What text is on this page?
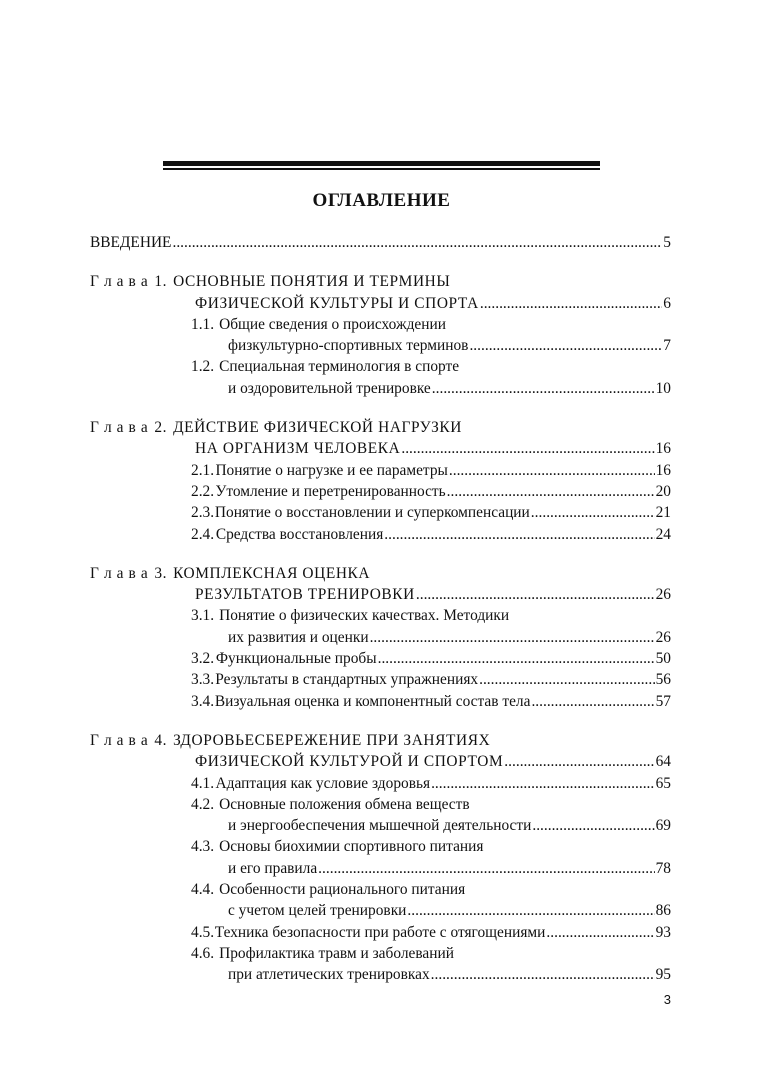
ОГЛАВЛЕНИЕ
ВВЕДЕНИЕ .....	5
Г л а в а 1. ОСНОВНЫЕ ПОНЯТИЯ И ТЕРМИНЫ
ФИЗИЧЕСКОЙ КУЛЬТУРЫ И СПОРТА .....	6
1.1. Общие сведения о происхождении
физкультурно-спортивных терминов .....	7
1.2. Специальная терминология в спорте
и оздоровительной тренировке .....	10
Г л а в а 2. ДЕЙСТВИЕ ФИЗИЧЕСКОЙ НАГРУЗКИ
НА ОРГАНИЗМ ЧЕЛОВЕКА .....	16
2.1. Понятие о нагрузке и ее параметры .....	16
2.2. Утомление и перетренированность .....	20
2.3. Понятие о восстановлении и суперкомпенсации .....	21
2.4. Средства восстановления .....	24
Г л а в а 3. КОМПЛЕКСНАЯ ОЦЕНКА
РЕЗУЛЬТАТОВ ТРЕНИРОВКИ .....	26
3.1. Понятие о физических качествах. Методики
их развития и оценки .....	26
3.2. Функциональные пробы .....	50
3.3. Результаты в стандартных упражнениях .....	56
3.4. Визуальная оценка и компонентный состав тела .....	57
Г л а в а 4. ЗДОРОВЬЕСБЕРЕЖЕНИЕ ПРИ ЗАНЯТИЯХ
ФИЗИЧЕСКОЙ КУЛЬТУРОЙ И СПОРТОМ .....	64
4.1. Адаптация как условие здоровья .....	65
4.2. Основные положения обмена веществ
и энергообеспечения мышечной деятельности .....	69
4.3. Основы биохимии спортивного питания
и его правила .....	78
4.4. Особенности рационального питания
с учетом целей тренировки .....	86
4.5. Техника безопасности при работе с отягощениями .....	93
4.6. Профилактика травм и заболеваний
при атлетических тренировках .....	95
3
